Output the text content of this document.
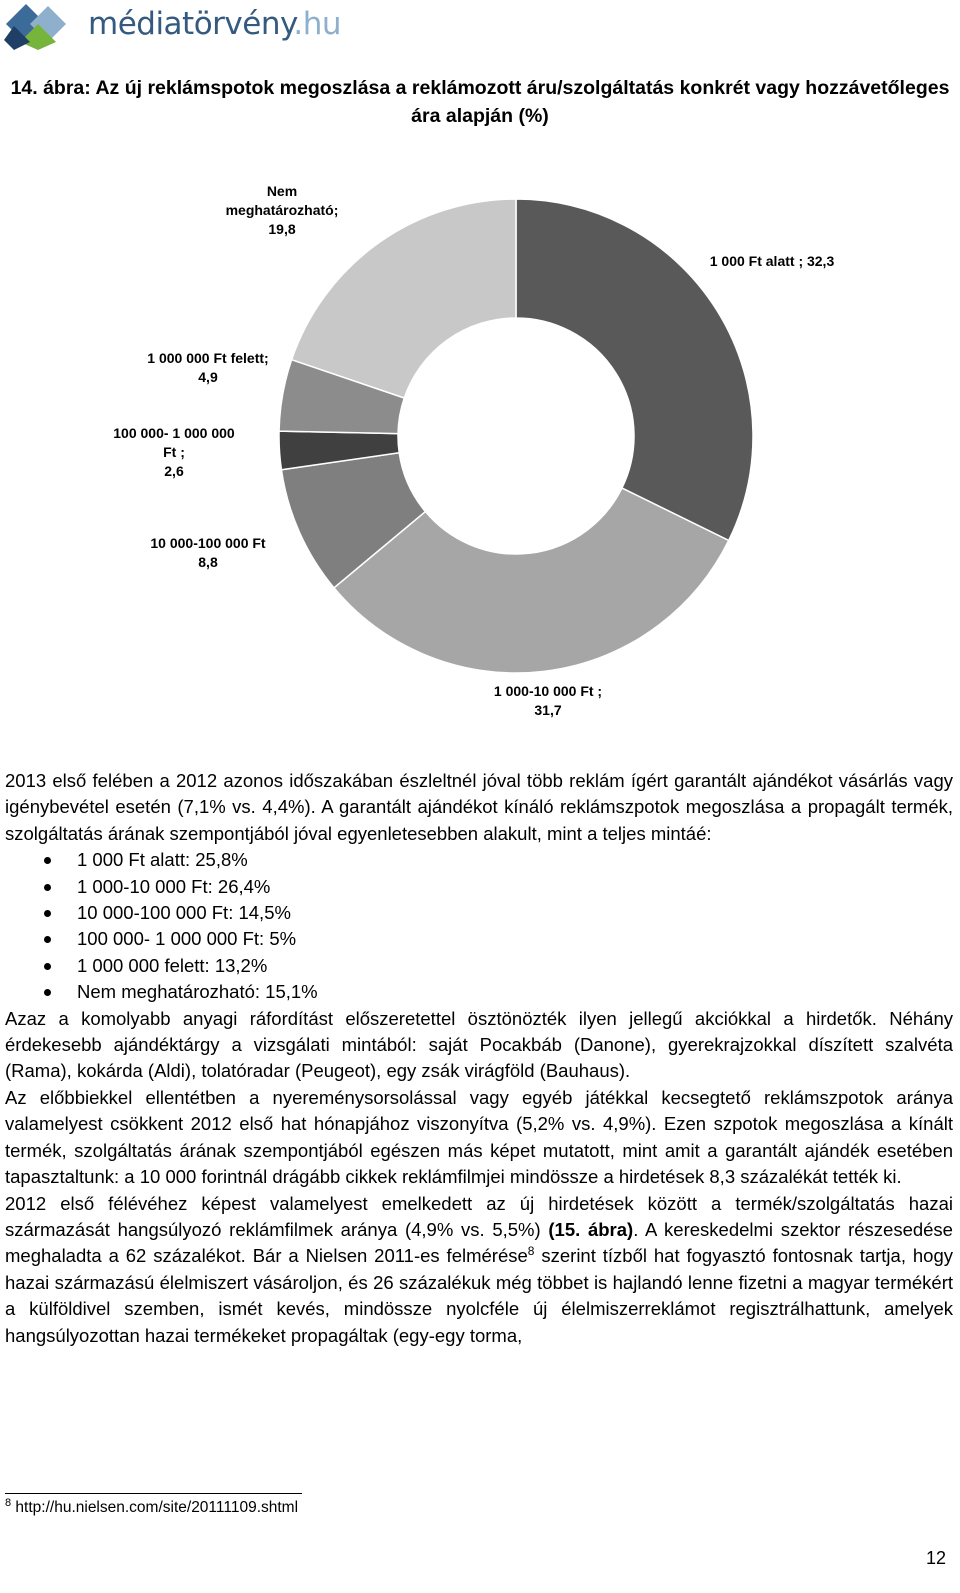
médiatörvény.hu
14. ábra: Az új reklámspotok megoszlása a reklámozott áru/szolgáltatás konkrét vagy hozzávetőleges ára alapján (%)
1 000 Ft alatt ; 32,3
1 000-10 000 Ft ; 31,7
10 000-100 000 Ft 8,8
100 000- 1 000 000 Ft ; 2,6
1 000 000 Ft felett; 4,9
Nem meghatározható; 19,8

2013 első felében a 2012 azonos időszakában észleltnél jóval több reklám ígért garantált ajándékot vásárlás vagy igénybevétel esetén (7,1% vs. 4,4%). A garantált ajándékot kínáló reklámszpotok megoszlása a propagált termék, szolgáltatás árának szempontjából jóval egyenletesebben alakult, mint a teljes mintáé:

1 000 Ft alatt: 25,8%
1 000-10 000 Ft: 26,4%
10 000-100 000 Ft: 14,5%
100 000- 1 000 000 Ft: 5%
1 000 000 felett: 13,2%
Nem meghatározható: 15,1%

Azaz a komolyabb anyagi ráfordítást előszeretettel ösztönözték ilyen jellegű akciókkal a hirdetők. Néhány érdekesebb ajándéktárgy a vizsgálati mintából: saját Pocakbáb (Danone), gyerekrajzokkal díszített szalvéta (Rama), kokárda (Aldi), tolatóradar (Peugeot), egy zsák virágföld (Bauhaus).

Az előbbiekkel ellentétben a nyereménysorsolással vagy egyéb játékkal kecsegtető reklámszpotok aránya valamelyest csökkent 2012 első hat hónapjához viszonyítva (5,2% vs. 4,9%). Ezen szpotok megoszlása a kínált termék, szolgáltatás árának szempontjából egészen más képet mutatott, mint amit a garantált ajándék esetében tapasztaltunk: a 10 000 forintnál drágább cikkek reklámfilmjei mindössze a hirdetések 8,3 százalékát tették ki.

2012 első félévéhez képest valamelyest emelkedett az új hirdetések között a termék/szolgáltatás hazai származását hangsúlyozó reklámfilmek aránya (4,9% vs. 5,5%) (15. ábra). A kereskedelmi szektor részesedése meghaladta a 62 százalékot. Bár a Nielsen 2011-es felmérése$^8$ szerint tízből hat fogyasztó fontosnak tartja, hogy hazai származású élelmiszert vásároljon, és 26 százalékuk még többet is hajlandó lenne fizetni a magyar termékért a külföldivel szemben, ismét kevés, mindössze nyolcféle új élelmiszerreklámot regisztrálhattunk, amelyek hangsúlyozottan hazai termékeket propagáltak (egy-egy torma,

$^8$ http://hu.nielsen.com/site/20111109.shtml
12
